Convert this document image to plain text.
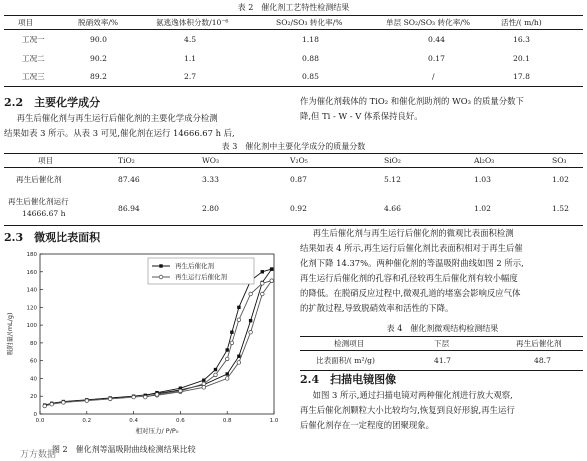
表 2　催化剂工艺特性检测结果
项目	脱硝效率/%	氨逃逸体积分数/10⁻⁶	SO₂/SO₃ 转化率/%	单层 SO₂/SO₃ 转化率/%	活性/( m/h)
工况一	90.0	4.5	1.18	0.44	16.3
工况二	90.2	1.1	0.88	0.17	20.1
工况三	89.2	2.7	0.85	/	17.8
2.2　主要化学成分
再生后催化剂与再生运行后催化剂的主要化学成分检测
结果如表 3 所示。从表 3 可见,催化剂在运行 14666.67 h 后,
作为催化剂载体的 TiO₂ 和催化剂助剂的 WO₃ 的质量分数下
降,但 Ti - W - V 体系保持良好。
表 3　催化剂中主要化学成分的质量分数
项目	TiO₂	WO₃	V₂O₅	SiO₂	Al₂O₃	SO₃
再生后催化剂	87.46	3.33	0.87	5.12	1.03	1.02

再生后催化剂运行
14666.67 h	86.94	2.80	0.92	4.66	1.02	1.52
2.3　微观比表面积	再生后催化剂与再生运行后催化剂的微观比表面积检测
结果如表 4 所示,再生运行后催化剂比表面积相对于再生后催
化剂下降 14.37%。两种催化剂的等温吸附曲线如图 2 所示,
再生运行后催化剂的孔容和孔径较再生后催化剂有较小幅度
的降低。在脱硝反应过程中,微观孔道的堵塞会影响反应气体
的扩散过程,导致脱硝效率和活性的下降。
0
20
40
60
80
100
120
140
160
180
0.0	0.2	0.4	0.6	0.8	1.0
相对压力/ P/P₀
吸附量/(mL/g)
再生后催化剂
再生运行后催化剂
图 2　催化剂等温吸附曲线检测结果比较
万方数据
表 4　催化剂微观结构检测结果
检测项目	下层	再生后催化剂
比表面积/( m²/g)	41.7	48.7
2.4　扫描电镜图像
如图 3 所示,通过扫描电镜对两种催化剂进行放大观察,
再生后催化剂颗粒大小比较均匀,恢复到良好形貌,再生运行
后催化剂存在一定程度的团聚现象。
